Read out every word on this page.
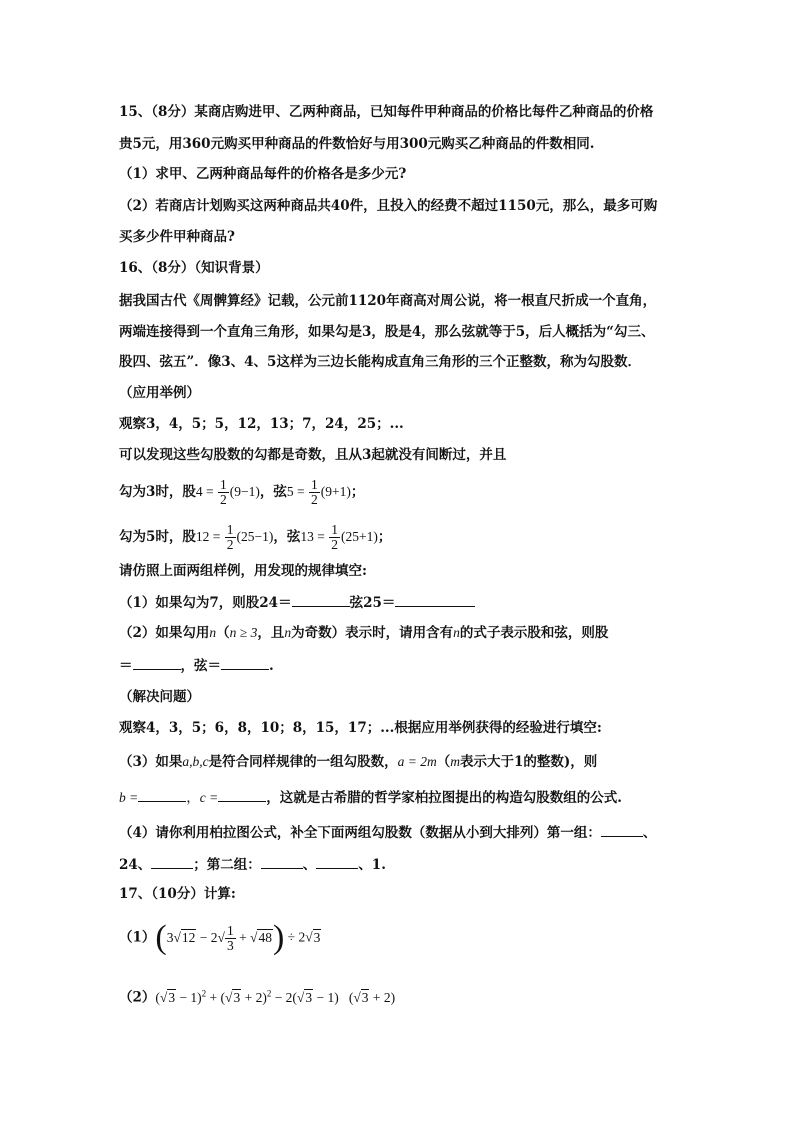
15、（8分）某商店购进甲、乙两种商品，已知每件甲种商品的价格比每件乙种商品的价格
贵5元，用360元购买甲种商品的件数恰好与用300元购买乙种商品的件数相同.
（1）求甲、乙两种商品每件的价格各是多少元?
（2）若商店计划购买这两种商品共40件，且投入的经费不超过1150元，那么，最多可购
买多少件甲种商品?
16、（8分）（知识背景）
据我国古代《周髀算经》记载，公元前1120年商高对周公说，将一根直尺折成一个直角，
两端连接得到一个直角三角形，如果勾是3，股是4，那么弦就等于5，后人概括为“勾三、
股四、弦五”．像3、4、5这样为三边长能构成直角三角形的三个正整数，称为勾股数．
（应用举例）
观察3，4，5；5，12，13；7，24，25；...
可以发现这些勾股数的勾都是奇数，且从3起就没有间断过，并且
勾为3时，股$4 = \frac{1}{2} (9-1)$，弦$5 = \frac{1}{2} (9+1)$；
勾为5时，股$12 = \frac{1}{2} (25-1)$，弦$13 = \frac{1}{2} (25+1)$；
请仿照上面两组样例，用发现的规律填空:
（1）如果勾为7，则股24＝	弦25＝
（2）如果勾用n（n ≥ 3，且n为奇数）表示时，请用含有n的式子表示股和弦，则股
＝	，弦＝	.
（解决问题）
观察4，3，5；6，8，10；8，15，17；...根据应用举例获得的经验进行填空:
（3）如果a,b,c是符合同样规律的一组勾股数，a = 2m（m表示大于1的整数)，则
b =	，c =	，这就是古希腊的哲学家柏拉图提出的构造勾股数组的公式.
（4）请你利用柏拉图公式，补全下面两组勾股数（数据从小到大排列）第一组：	、
24、	；第二组：	、	、1.
17、（10分）计算:
$(1)(3√12 - 2√ \frac{1}{3} + √48) \div 2√3$
$(2)(√3 - 1)^2 + (√3 + 2)^2 - 2(√3 - 1)$   (√3 + 2)
